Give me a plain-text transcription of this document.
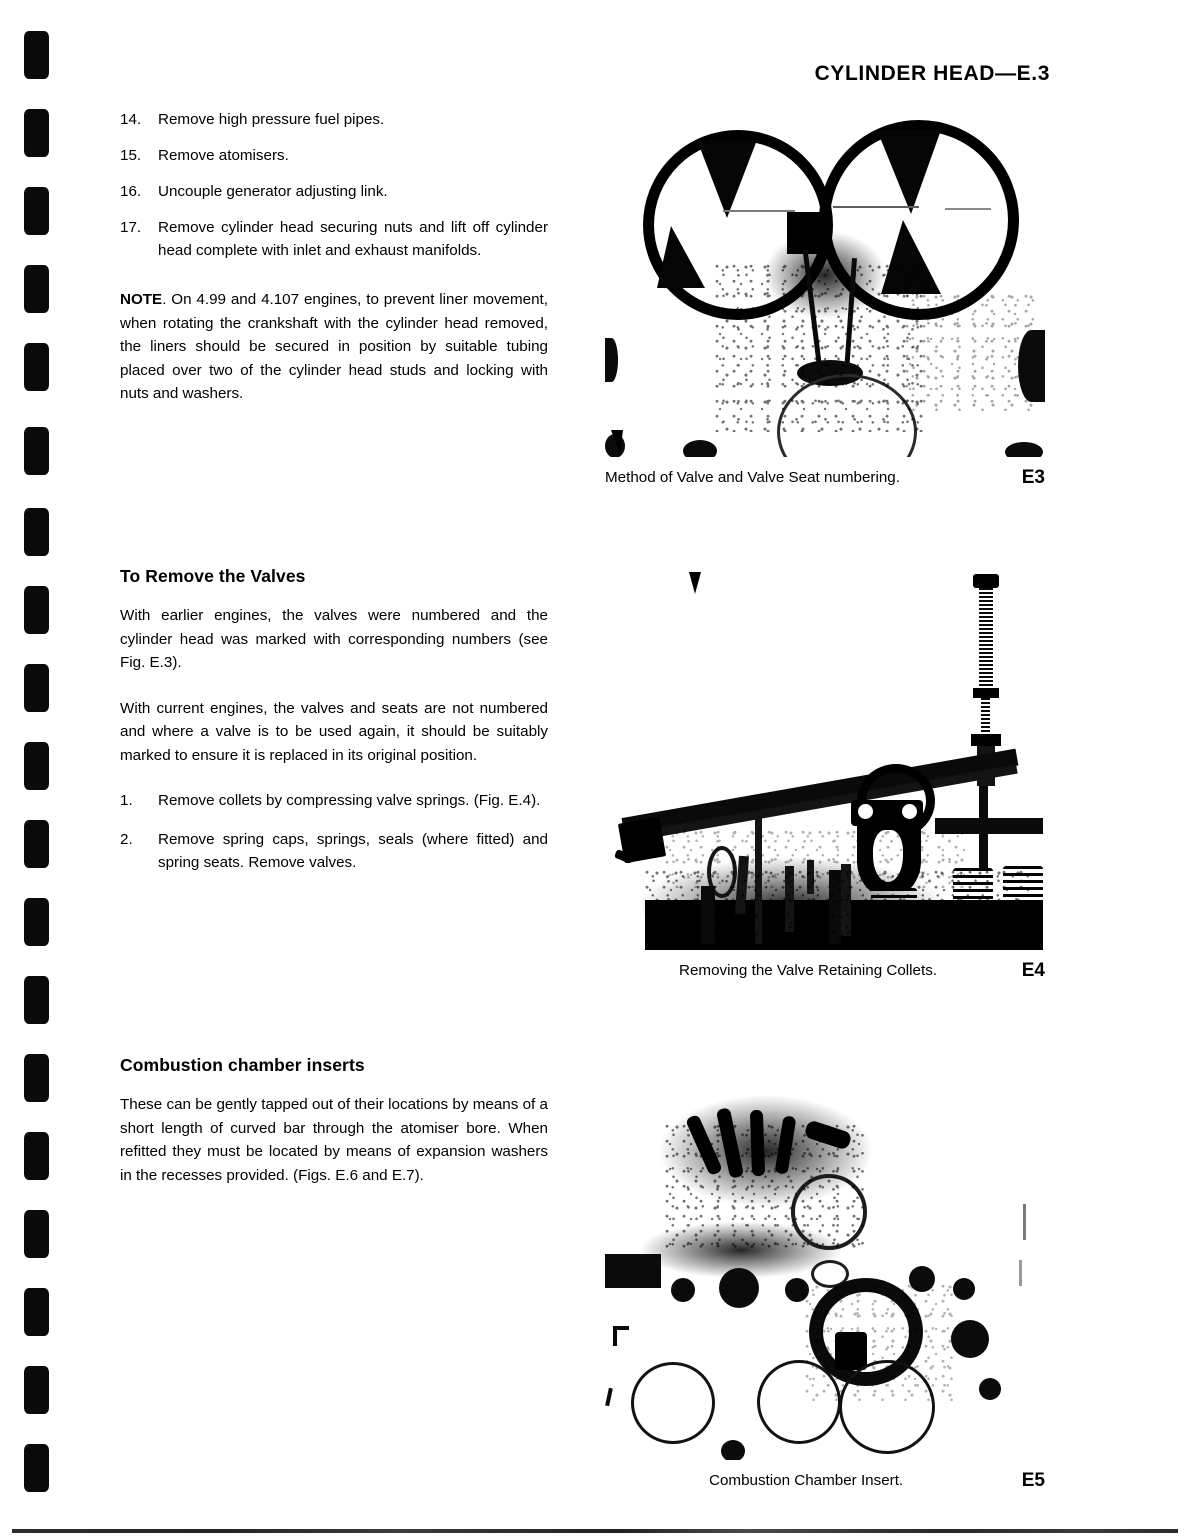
CYLINDER HEAD—E.3
14.	Remove high pressure fuel pipes.
15.	Remove atomisers.
16.	Uncouple generator adjusting link.
17.	Remove cylinder head securing nuts and lift off cylinder head complete with inlet and exhaust manifolds.

NOTE. On 4.99 and 4.107 engines, to prevent liner movement, when rotating the crankshaft with the cylinder head removed, the liners should be secured in position by suitable tubing placed over two of the cylinder head studs and locking with nuts and washers.

To Remove the Valves

With earlier engines, the valves were numbered and the cylinder head was marked with corresponding numbers (see Fig. E.3).

With current engines, the valves and seats are not numbered and where a valve is to be used again, it should be suitably marked to ensure it is replaced in its original position.

1.	Remove collets by compressing valve springs. (Fig. E.4).
2.	Remove spring caps, springs, seals (where fitted) and spring seats. Remove valves.
Combustion chamber inserts

These can be gently tapped out of their locations by means of a short length of curved bar through the atomiser bore. When refitted they must be located by means of expansion washers in the recesses provided. (Figs. E.6 and E.7).

Method of Valve and Valve Seat numbering.	E3
Removing the Valve Retaining Collets.	E4
Combustion Chamber Insert.	E5
